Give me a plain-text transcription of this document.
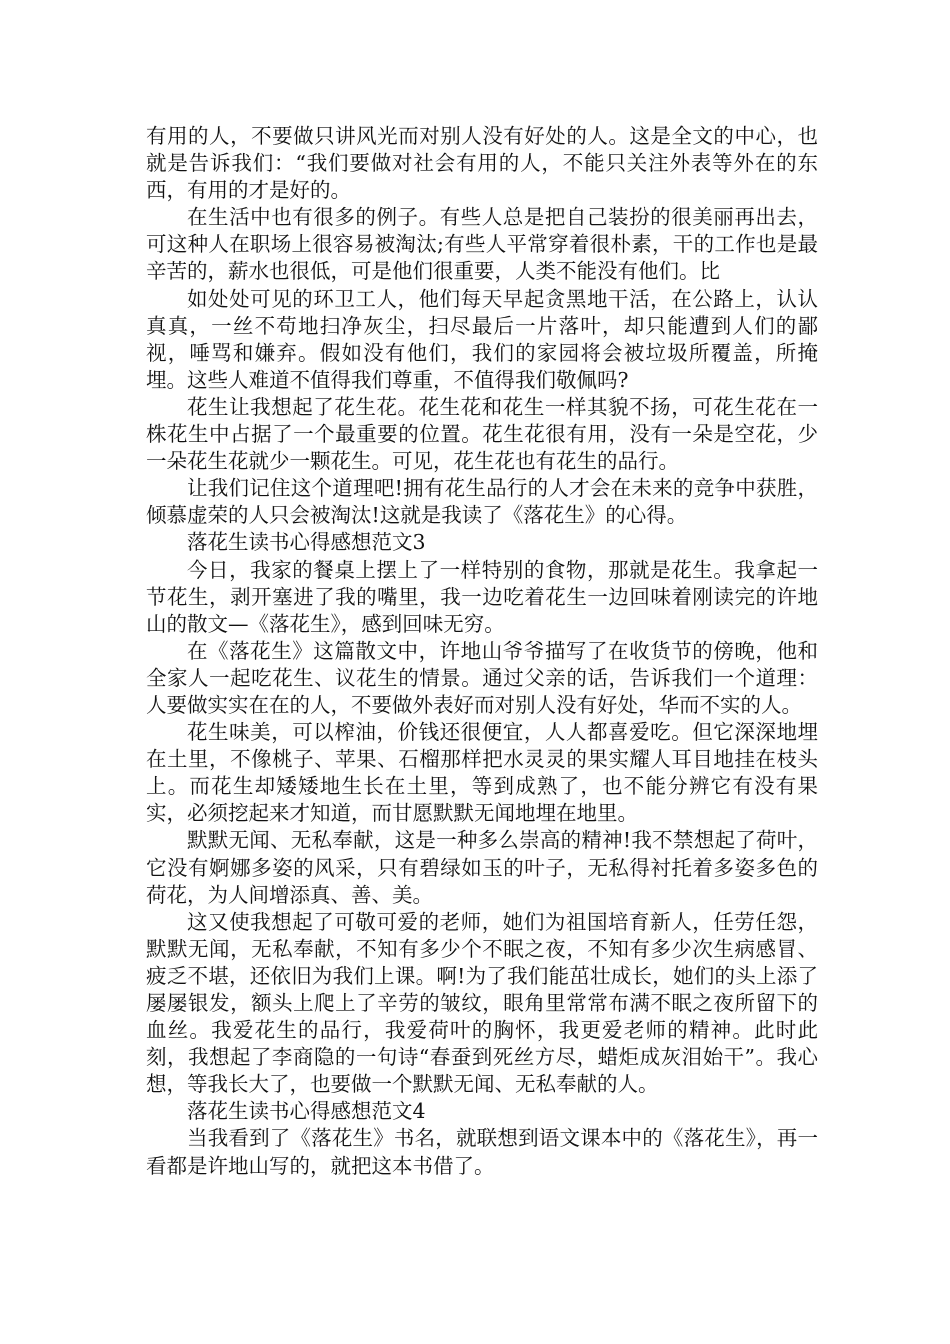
有用的人，不要做只讲风光而对别人没有好处的人。这是全文的中心，也就是告诉我们：“我们要做对社会有用的人，不能只关注外表等外在的东西，有用的才是好的。

在生活中也有很多的例子。有些人总是把自己装扮的很美丽再出去，可这种人在职场上很容易被淘汰;有些人平常穿着很朴素，干的工作也是最辛苦的，薪水也很低，可是他们很重要，人类不能没有他们。比

如处处可见的环卫工人，他们每天早起贪黑地干活，在公路上，认认真真，一丝不苟地扫净灰尘，扫尽最后一片落叶，却只能遭到人们的鄙视，唾骂和嫌弃。假如没有他们，我们的家园将会被垃圾所覆盖，所掩埋。这些人难道不值得我们尊重，不值得我们敬佩吗?

花生让我想起了花生花。花生花和花生一样其貌不扬，可花生花在一株花生中占据了一个最重要的位置。花生花很有用，没有一朵是空花，少一朵花生花就少一颗花生。可见，花生花也有花生的品行。

让我们记住这个道理吧!拥有花生品行的人才会在未来的竞争中获胜，倾慕虚荣的人只会被淘汰!这就是我读了《落花生》的心得。

落花生读书心得感想范文3

今日，我家的餐桌上摆上了一样特别的食物，那就是花生。我拿起一节花生，剥开塞进了我的嘴里，我一边吃着花生一边回味着刚读完的许地山的散文—《落花生》，感到回味无穷。

在《落花生》这篇散文中，许地山爷爷描写了在收货节的傍晚，他和全家人一起吃花生、议花生的情景。通过父亲的话，告诉我们一个道理：人要做实实在在的人，不要做外表好而对别人没有好处，华而不实的人。

花生味美，可以榨油，价钱还很便宜，人人都喜爱吃。但它深深地埋在土里，不像桃子、苹果、石榴那样把水灵灵的果实耀人耳目地挂在枝头上。而花生却矮矮地生长在土里，等到成熟了，也不能分辨它有没有果实，必须挖起来才知道，而甘愿默默无闻地埋在地里。

默默无闻、无私奉献，这是一种多么崇高的精神!我不禁想起了荷叶，它没有婀娜多姿的风采，只有碧绿如玉的叶子，无私得衬托着多姿多色的荷花，为人间增添真、善、美。

这又使我想起了可敬可爱的老师，她们为祖国培育新人，任劳任怨，默默无闻，无私奉献，不知有多少个不眠之夜，不知有多少次生病感冒、疲乏不堪，还依旧为我们上课。啊!为了我们能茁壮成长，她们的头上添了屡屡银发，额头上爬上了辛劳的皱纹，眼角里常常布满不眠之夜所留下的血丝。我爱花生的品行，我爱荷叶的胸怀，我更爱老师的精神。此时此刻，我想起了李商隐的一句诗“春蚕到死丝方尽，蜡炬成灰泪始干”。我心想，等我长大了，也要做一个默默无闻、无私奉献的人。

落花生读书心得感想范文4

当我看到了《落花生》书名，就联想到语文课本中的《落花生》，再一看都是许地山写的，就把这本书借了。
